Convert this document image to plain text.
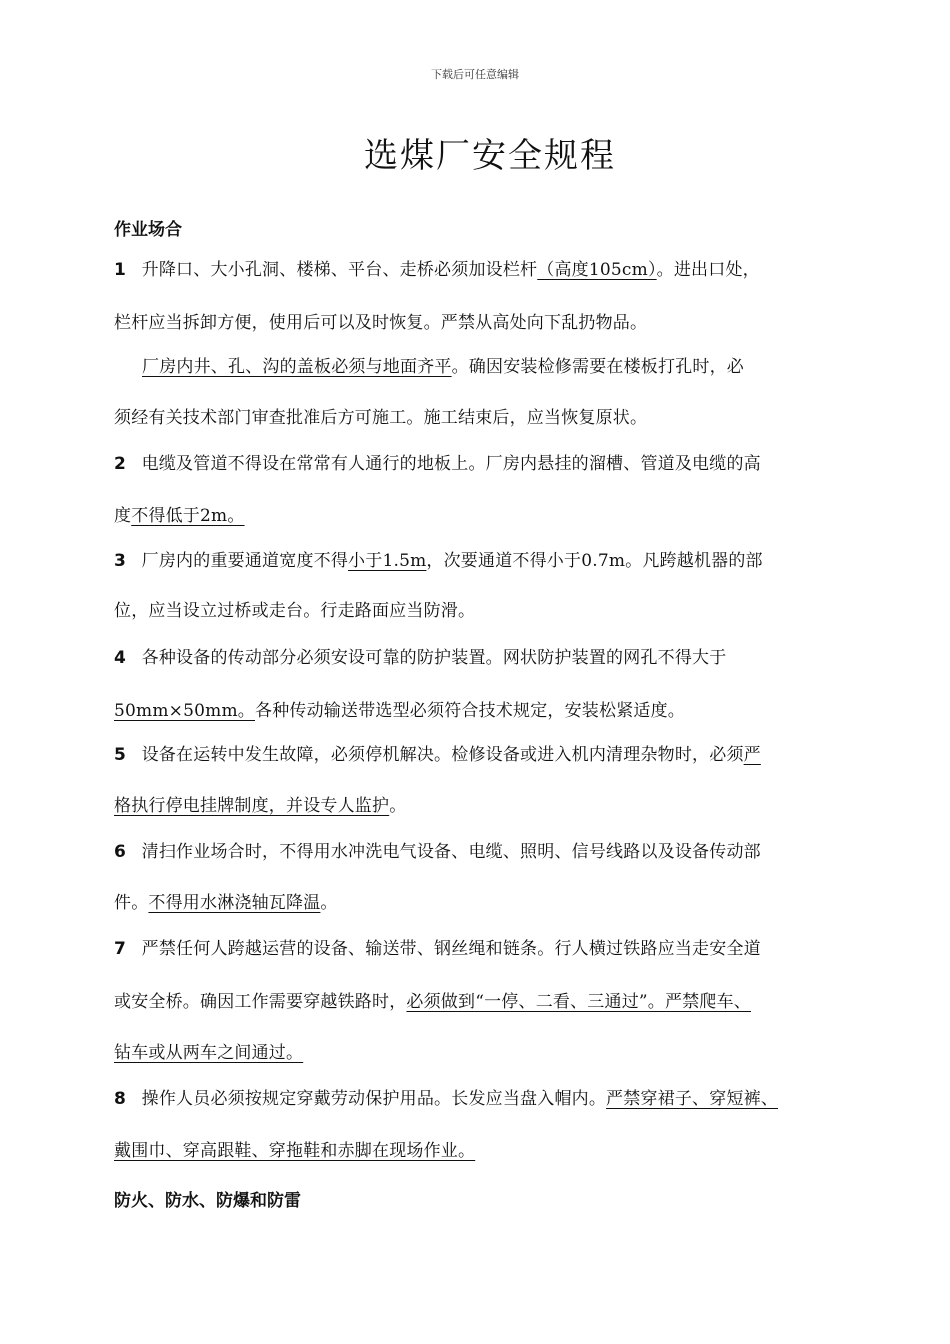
下载后可任意编辑
选煤厂安全规程
作业场合
1 升降口、大小孔洞、楼梯、平台、走桥必须加设栏杆（高度105cm）。进出口处，
栏杆应当拆卸方便，使用后可以及时恢复。严禁从高处向下乱扔物品。
厂房内井、孔、沟的盖板必须与地面齐平。确因安装检修需要在楼板打孔时，必
须经有关技术部门审查批准后方可施工。施工结束后，应当恢复原状。
2 电缆及管道不得设在常常有人通行的地板上。厂房内悬挂的溜槽、管道及电缆的高
度不得低于2m。
3 厂房内的重要通道宽度不得小于1.5m，次要通道不得小于0.7m。凡跨越机器的部
位，应当设立过桥或走台。行走路面应当防滑。
4 各种设备的传动部分必须安设可靠的防护装置。网状防护装置的网孔不得大于
50mm×50mm。各种传动输送带选型必须符合技术规定，安装松紧适度。
5 设备在运转中发生故障，必须停机解决。检修设备或进入机内清理杂物时，必须严
格执行停电挂牌制度，并设专人监护。
6 清扫作业场合时，不得用水冲洗电气设备、电缆、照明、信号线路以及设备传动部
件。不得用水淋浇轴瓦降温。
7 严禁任何人跨越运营的设备、输送带、钢丝绳和链条。行人横过铁路应当走安全道
或安全桥。确因工作需要穿越铁路时，必须做到“一停、二看、三通过”。严禁爬车、
钻车或从两车之间通过。
8 操作人员必须按规定穿戴劳动保护用品。长发应当盘入帽内。严禁穿裙子、穿短裤、
戴围巾、穿高跟鞋、穿拖鞋和赤脚在现场作业。
防火、防水、防爆和防雷
